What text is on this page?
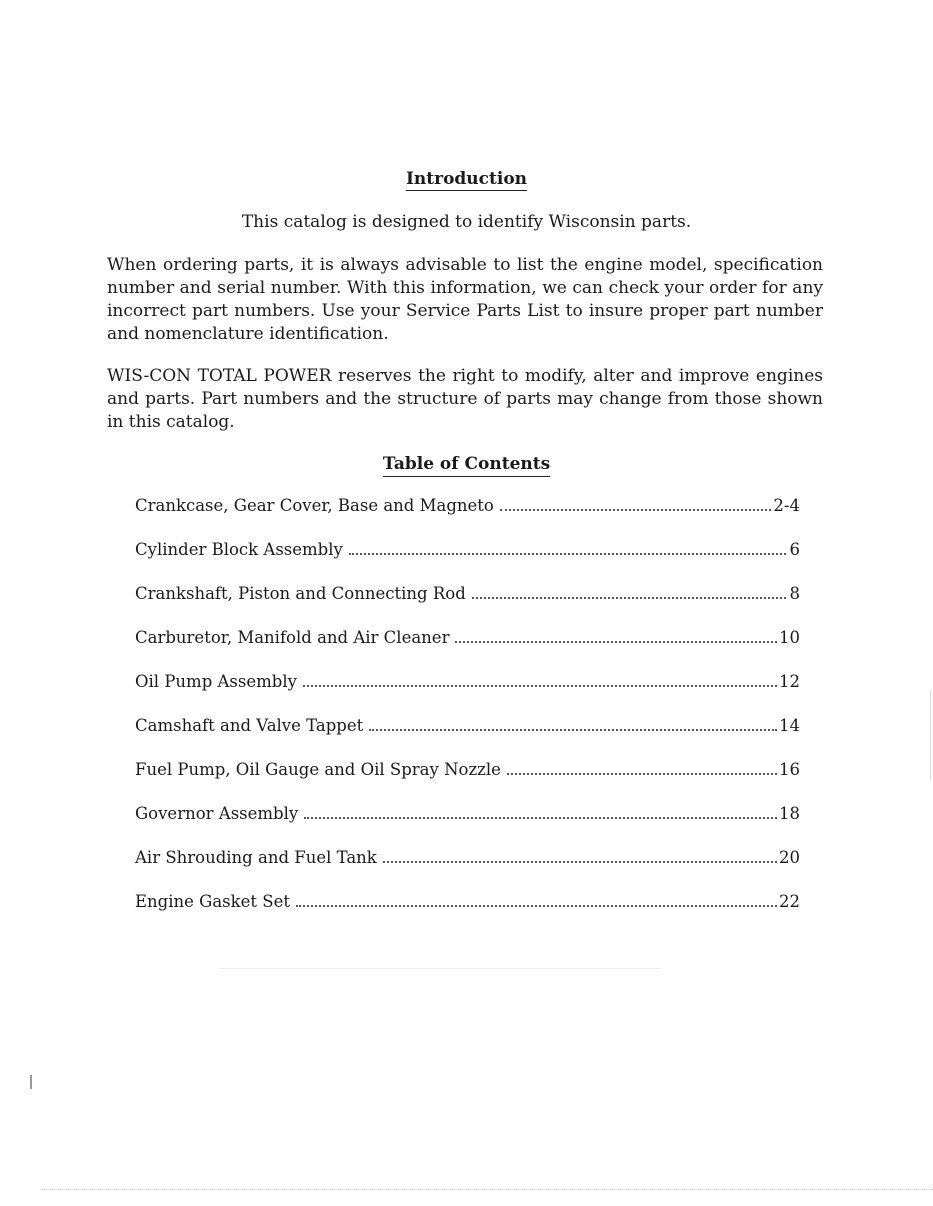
Introduction
This catalog is designed to identify Wisconsin parts.
When ordering parts, it is always advisable to list the engine model, specification number and serial number. With this information, we can check your order for any incorrect part numbers. Use your Service Parts List to insure proper part number and nomenclature identification.
WIS-CON TOTAL POWER reserves the right to modify, alter and improve engines and parts. Part numbers and the structure of parts may change from those shown in this catalog.
Table of Contents
Crankcase, Gear Cover, Base and Magneto	2-4
Cylinder Block Assembly	6
Crankshaft, Piston and Connecting Rod	8
Carburetor, Manifold and Air Cleaner	10
Oil Pump Assembly	12
Camshaft and Valve Tappet	14
Fuel Pump, Oil Gauge and Oil Spray Nozzle	16
Governor Assembly	18
Air Shrouding and Fuel Tank	20
Engine Gasket Set	22
